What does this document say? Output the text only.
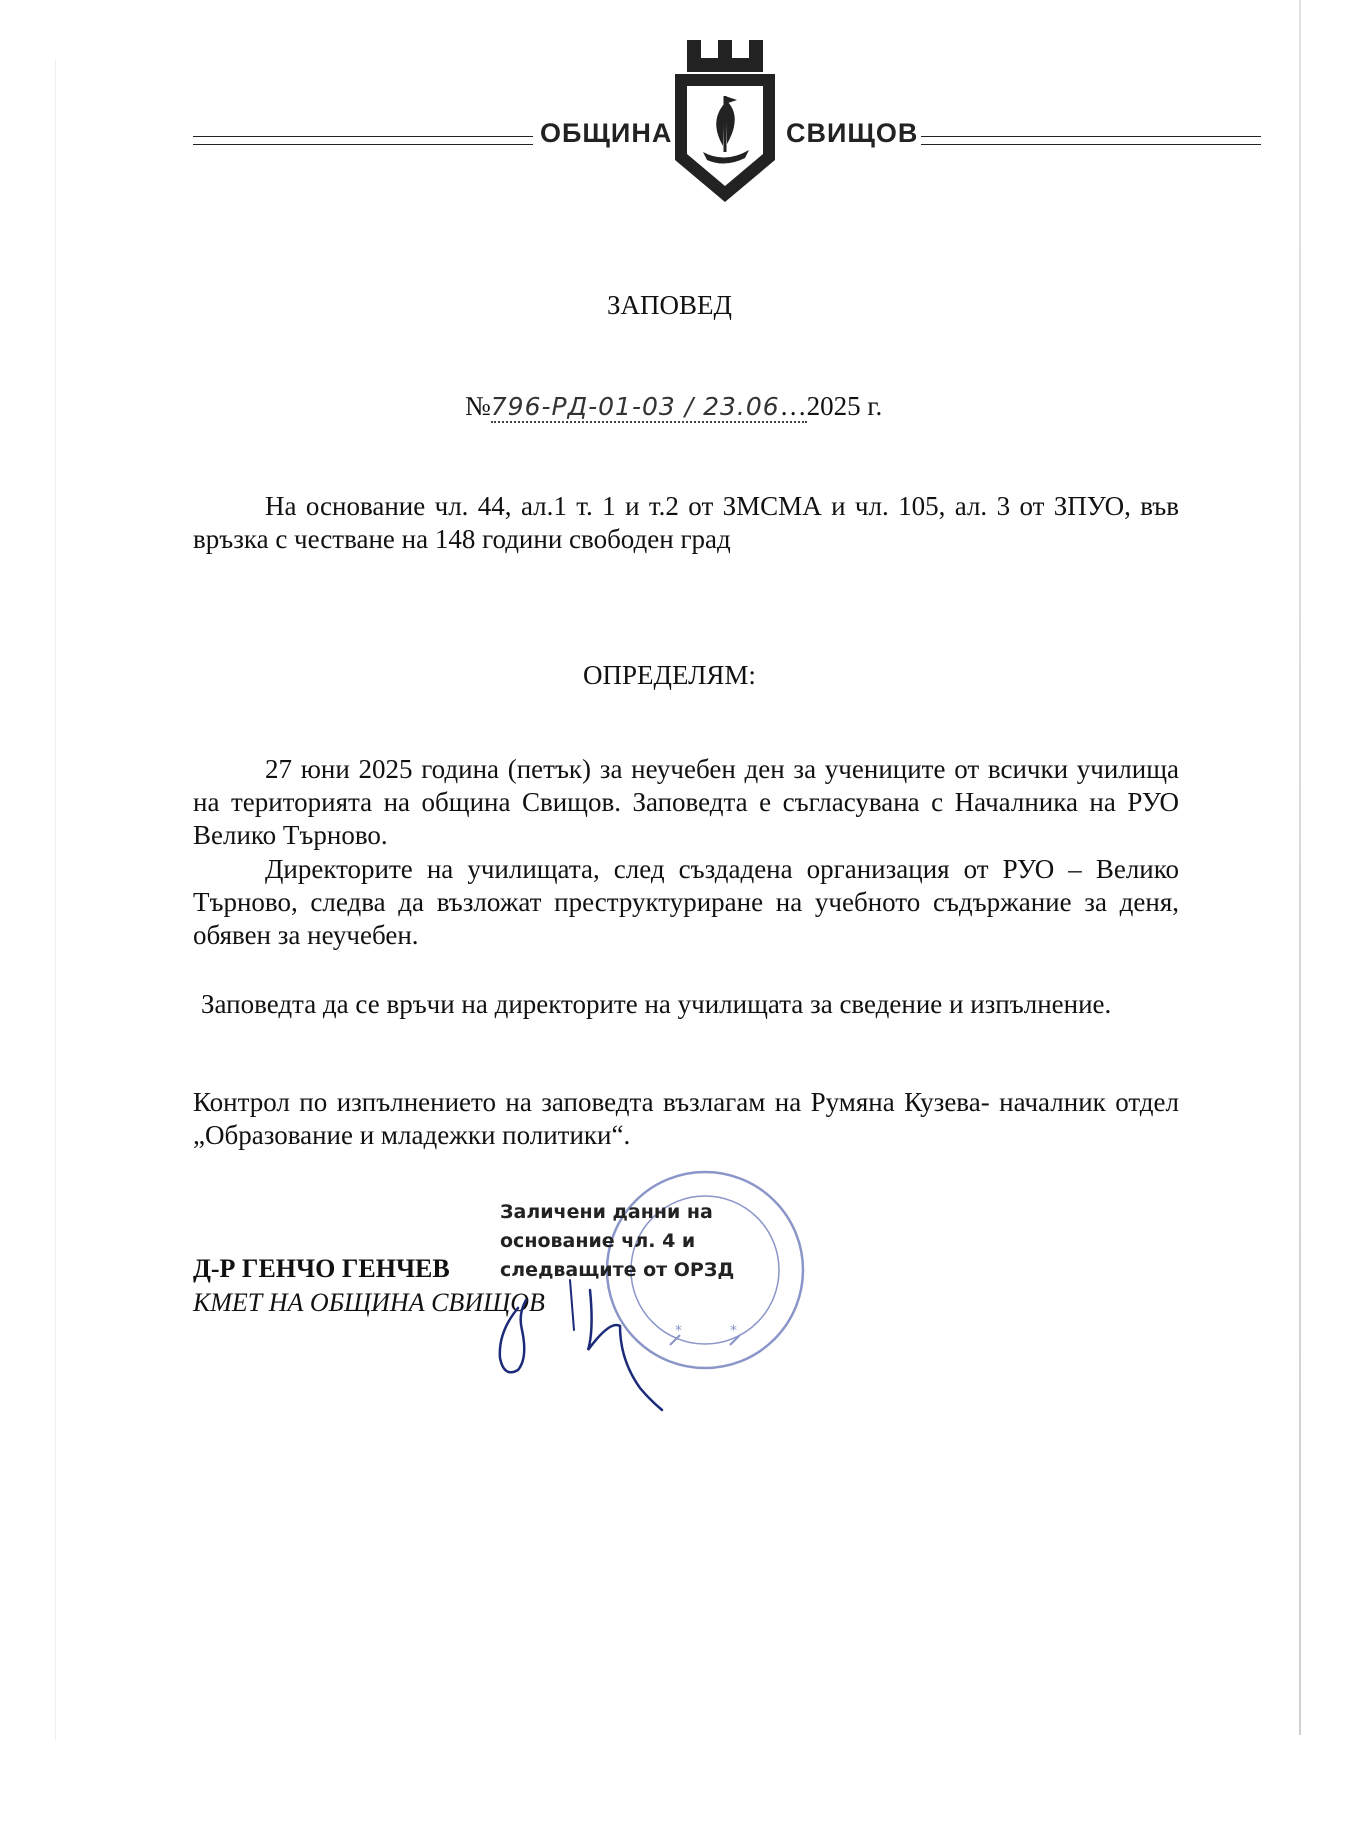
ОБЩИНА	СВИЩОВ
ЗАПОВЕД
№796-РД-01-03 / 23.06…2025 г.
На основание чл. 44, ал.1 т. 1 и т.2 от ЗМСМА и чл. 105, ал. 3 от ЗПУО, във връзка с честване на 148 години свободен град
ОПРЕДЕЛЯМ:
27 юни 2025 година (петък) за неучебен ден за учениците от всички училища на територията на община Свищов. Заповедта е съгласувана с Началника на РУО Велико Търново.
Директорите на училищата, след създадена организация от РУО – Велико Търново, следва да възложат преструктуриране на учебното съдържание за деня, обявен за неучебен.
Заповедта да се връчи на директорите на училищата за сведение и изпълнение.
Контрол по изпълнението на заповедта възлагам на Румяна Кузева- началник отдел „Образование и младежки политики“.
*	*
Заличени данни на основание чл. 4 и следващите от ОРЗД
Д-Р ГЕНЧО ГЕНЧЕВ
КМЕТ НА ОБЩИНА СВИЩОВ
